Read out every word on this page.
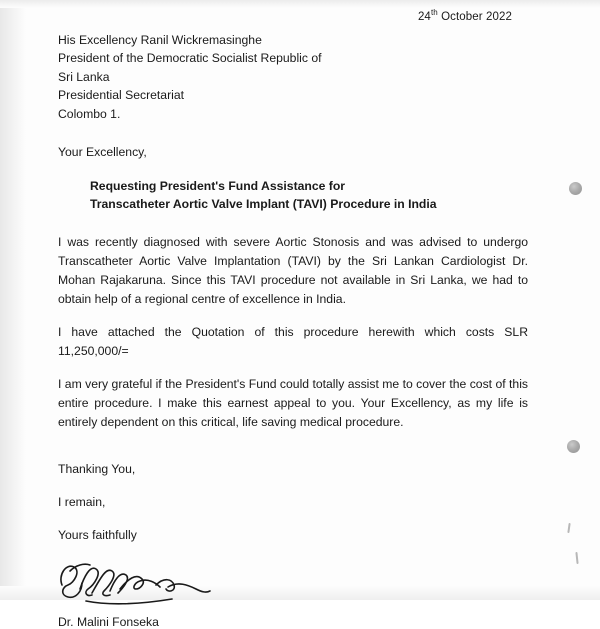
24th October 2022
His Excellency Ranil Wickremasinghe
President of the Democratic Socialist Republic of
Sri Lanka
Presidential Secretariat
Colombo 1.
Your Excellency,
Requesting President's Fund Assistance for
Transcatheter Aortic Valve Implant (TAVI) Procedure in India
I was recently diagnosed with severe Aortic Stonosis and was advised to undergo Transcatheter Aortic Valve Implantation (TAVI) by the Sri Lankan Cardiologist Dr. Mohan Rajakaruna. Since this TAVI procedure not available in Sri Lanka, we had to obtain help of a regional centre of excellence in India.
I have attached the Quotation of this procedure herewith which costs SLR 11,250,000/=
I am very grateful if the President's Fund could totally assist me to cover the cost of this entire procedure. I make this earnest appeal to you. Your Excellency, as my life is entirely dependent on this critical, life saving medical procedure.
Thanking You,
I remain,
Yours faithfully
Dr. Malini Fonseka
